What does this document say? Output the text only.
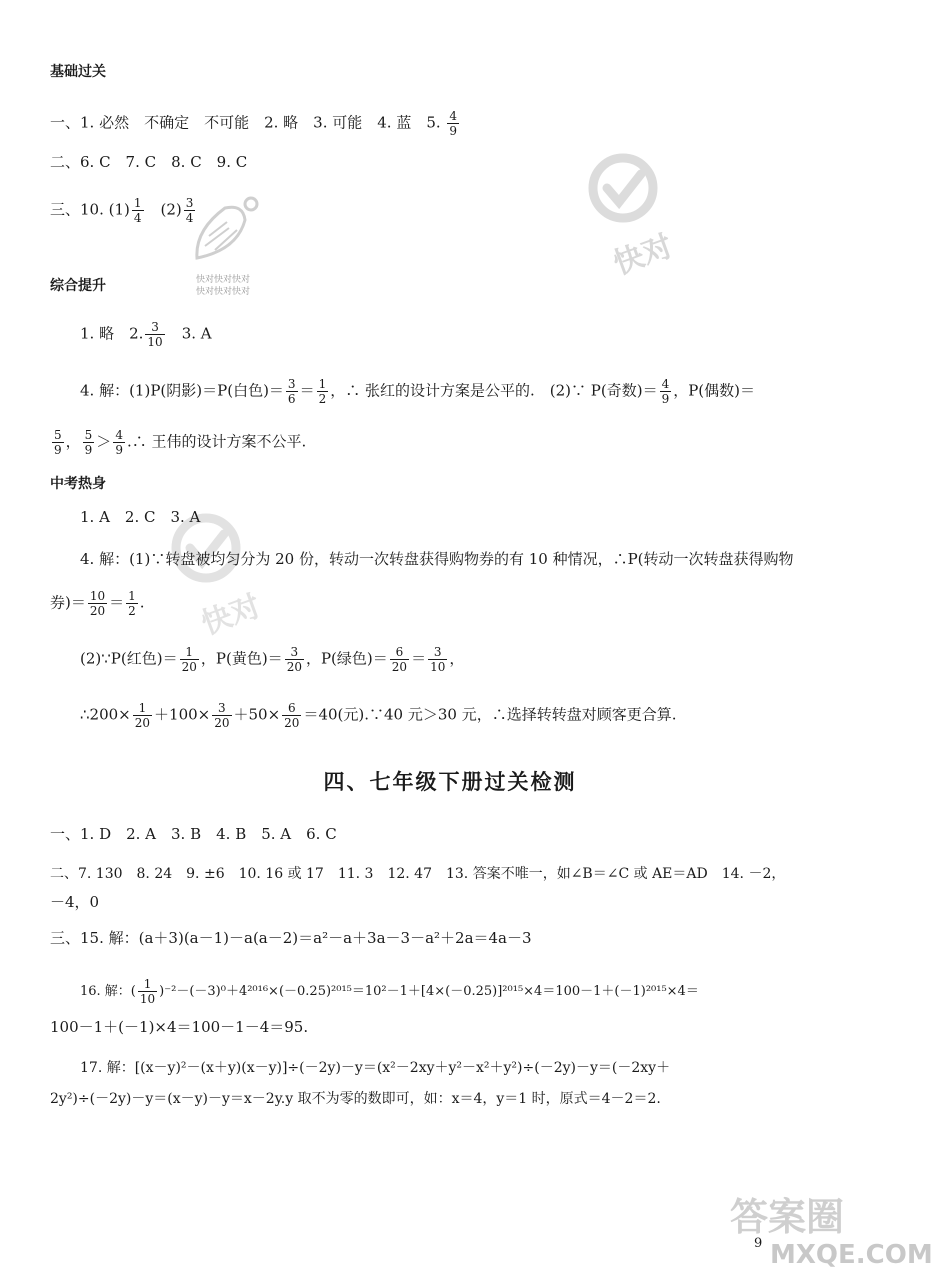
快对
快对快对快对
快对快对快对
快对
答案圈
MXQE.COM
基础过关
一、1. 必然　不确定　不可能　2. 略　3. 可能　4. 蓝　5. $\frac{4}{9}$
二、6. C　7. C　8. C　9. C
三、10. $(1) \frac{1}{4}$
　 $(2) \frac{3}{4}$
综合提升
1. 略　2. $\frac{3}{10}$
　 3. A
4. 解：(1)P(阴影)＝P(白色)＝ $\frac{3}{6} = \frac{1}{2}$ ，∴ 张红的设计方案是公平的.　(2)∵ P(奇数)＝ $\frac{4}{9}$ ，P(偶数)＝
$\frac{5}{9}$ ， $\frac{5}{9} > \frac{4}{9}$ .∴ 王伟的设计方案不公平.
中考热身
1. A　2. C　3. A
4. 解：(1)∵转盘被均匀分为 20 份，转动一次转盘获得购物券的有 10 种情况，∴P(转动一次转盘获得购物
券)＝ $\frac{10}{20} = \frac{1}{2}$ .
(2)∵P(红色)＝ $\frac{1}{20}$ ，P(黄色)＝ $\frac{3}{20}$ ，P(绿色)＝ $\frac{6}{20} = \frac{3}{10}$ ，
∴200× $\frac{1}{20} +100\times \frac{3}{20} +50\times \frac{6}{20} =40$(元).∵40 元＞30 元，∴选择转转盘对顾客更合算.
四、七年级下册过关检测
一、1. D　2. A　3. B　4. B　5. A　6. C
二、7. 130　8. 24　9. ±6　10. 16 或 17　11. 3　12. 47　13. 答案不唯一，如∠B＝∠C 或 AE＝AD　14. －2，
－4，0
三、15. 解：(a＋3)(a－1)－a(a－2)＝a²－a＋3a－3－a²＋2a＝4a－3
16. 解：( $\frac{1}{10} )^{-2}-(-3)^0+4^{2016}\times(-0.25)^{2015}=10^2-1+[4\times(-0.25)]^{2015}\times 4=100-1+(-1)^{2015}\times 4=$
100－1＋(－1)×4＝100－1－4＝95.
17. 解：[(x－y)²－(x＋y)(x－y)]÷(－2y)－y＝(x²－2xy＋y²－x²＋y²)÷(－2y)－y＝(－2xy＋
2y²)÷(－2y)－y＝(x－y)－y＝x－2y.y 取不为零的数即可，如：x＝4，y＝1 时，原式＝4－2＝2.
9
